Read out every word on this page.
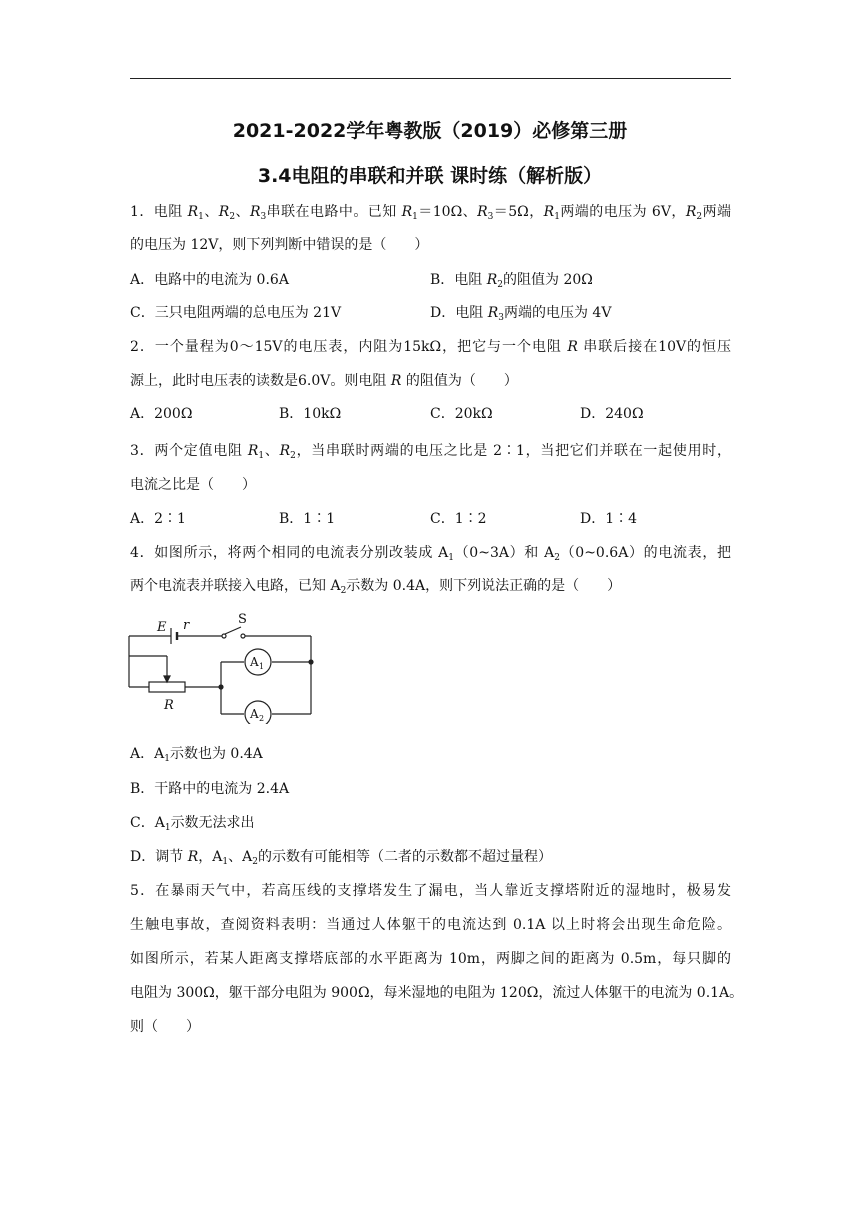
2021-2022学年粤教版（2019）必修第三册
3.4电阻的串联和并联 课时练（解析版）
1．电阻 $R_1$、$R_2$、$R_3$串联在电路中。已知 $R_1=10\Omega$、$R_3=5\Omega$，$R_1$两端的电压为 6V，$R_2$两端
的电压为 12V，则下列判断中错误的是（　　）
A．电路中的电流为 0.6A	B．电阻 $R_2$的阻值为 20Ω
C．三只电阻两端的总电压为 21V	D．电阻 $R_3$两端的电压为 4V
2．一个量程为0～15V的电压表，内阻为15kΩ，把它与一个电阻 R 串联后接在10V的恒压
源上，此时电压表的读数是6.0V。则电阻 R 的阻值为（　　）
A．200Ω	B．10kΩ	C．20kΩ	D．240Ω
3．两个定值电阻 $R_1$、$R_2$，当串联时两端的电压之比是 2∶1，当把它们并联在一起使用时，
电流之比是（　　）
A．2∶1	B．1∶1	C．1∶2	D．1∶4
4．如图所示，将两个相同的电流表分别改装成 $A_1(0\sim 3A)$和 $A_2(0\sim 0.6A)$的电流表，把
两个电流表并联接入电路，已知 $A_2$示数为 0.4A，则下列说法正确的是（　　）
E r	S
R
A 1
A 2
A．$A_1$示数也为 0.4A
B．干路中的电流为 2.4A
C．$A_1$示数无法求出
D．调节 R，$A_1$、$A_2$的示数有可能相等（二者的示数都不超过量程）
5．在暴雨天气中，若高压线的支撑塔发生了漏电，当人靠近支撑塔附近的湿地时，极易发
生触电事故，查阅资料表明：当通过人体躯干的电流达到 0.1A 以上时将会出现生命危险。
如图所示，若某人距离支撑塔底部的水平距离为 10m，两脚之间的距离为 0.5m，每只脚的
电阻为 300Ω，躯干部分电阻为 900Ω，每米湿地的电阻为 120Ω，流过人体躯干的电流为 0.1A。
则（　　）
